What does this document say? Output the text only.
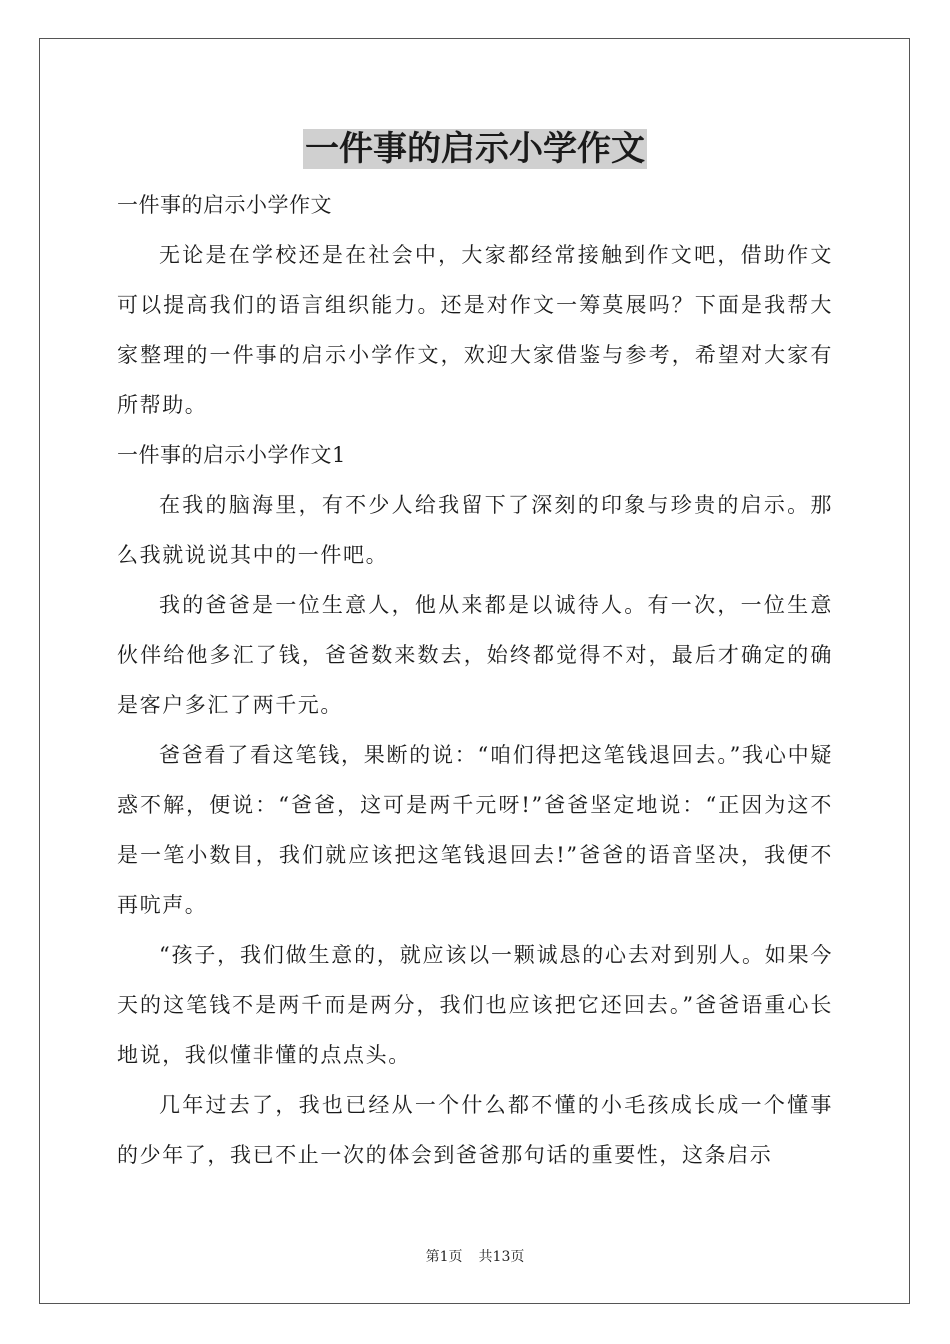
一件事的启示小学作文

一件事的启示小学作文

无论是在学校还是在社会中，大家都经常接触到作文吧，借助作文可以提高我们的语言组织能力。还是对作文一筹莫展吗？下面是我帮大家整理的一件事的启示小学作文，欢迎大家借鉴与参考，希望对大家有所帮助。

一件事的启示小学作文1

在我的脑海里，有不少人给我留下了深刻的印象与珍贵的启示。那么我就说说其中的一件吧。

我的爸爸是一位生意人，他从来都是以诚待人。有一次，一位生意伙伴给他多汇了钱，爸爸数来数去，始终都觉得不对，最后才确定的确是客户多汇了两千元。

爸爸看了看这笔钱，果断的说：“咱们得把这笔钱退回去。”我心中疑惑不解，便说：“爸爸，这可是两千元呀!”爸爸坚定地说：“正因为这不是一笔小数目，我们就应该把这笔钱退回去!”爸爸的语音坚决，我便不再吭声。

“孩子，我们做生意的，就应该以一颗诚恳的心去对到别人。如果今天的这笔钱不是两千而是两分，我们也应该把它还回去。”爸爸语重心长地说，我似懂非懂的点点头。

几年过去了，我也已经从一个什么都不懂的小毛孩成长成一个懂事的少年了，我已不止一次的体会到爸爸那句话的重要性，这条启示

第1页 共13页
